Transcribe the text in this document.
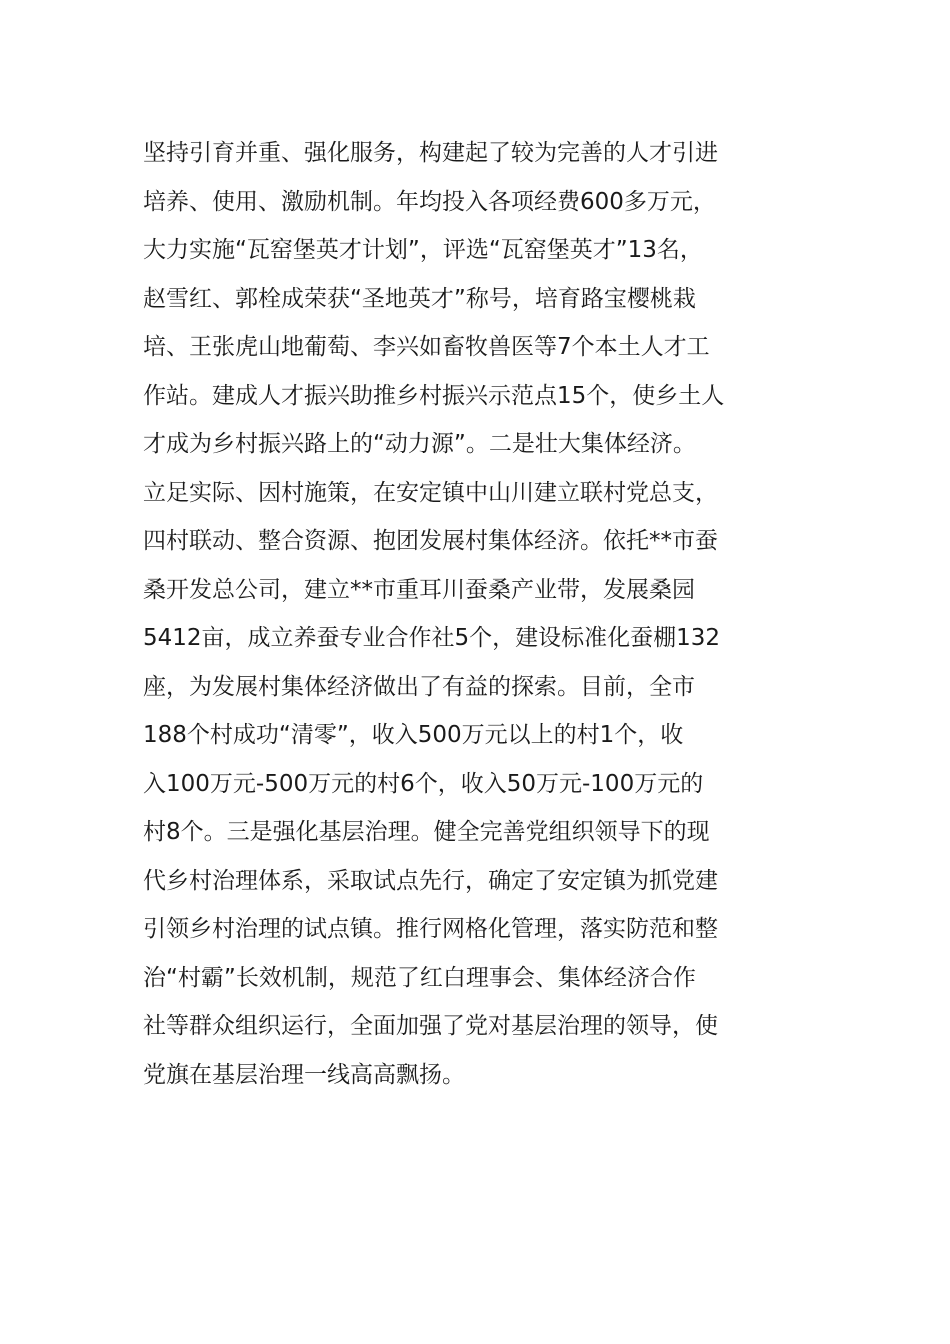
坚持引育并重、强化服务，构建起了较为完善的人才引进
培养、使用、激励机制。年均投入各项经费600多万元，
大力实施“瓦窑堡英才计划”，评选“瓦窑堡英才”13名，
赵雪红、郭栓成荣获“圣地英才”称号，培育路宝樱桃栽
培、王张虎山地葡萄、李兴如畜牧兽医等7个本土人才工
作站。建成人才振兴助推乡村振兴示范点15个，使乡土人
才成为乡村振兴路上的“动力源”。二是壮大集体经济。
立足实际、因村施策，在安定镇中山川建立联村党总支，
四村联动、整合资源、抱团发展村集体经济。依托**市蚕
桑开发总公司，建立**市重耳川蚕桑产业带，发展桑园
5412亩，成立养蚕专业合作社5个，建设标准化蚕棚132
座，为发展村集体经济做出了有益的探索。目前，全市
188个村成功“清零”，收入500万元以上的村1个，收
入100万元-500万元的村6个，收入50万元-100万元的
村8个。三是强化基层治理。健全完善党组织领导下的现
代乡村治理体系，采取试点先行，确定了安定镇为抓党建
引领乡村治理的试点镇。推行网格化管理，落实防范和整
治“村霸”长效机制，规范了红白理事会、集体经济合作
社等群众组织运行，全面加强了党对基层治理的领导，使
党旗在基层治理一线高高飘扬。
